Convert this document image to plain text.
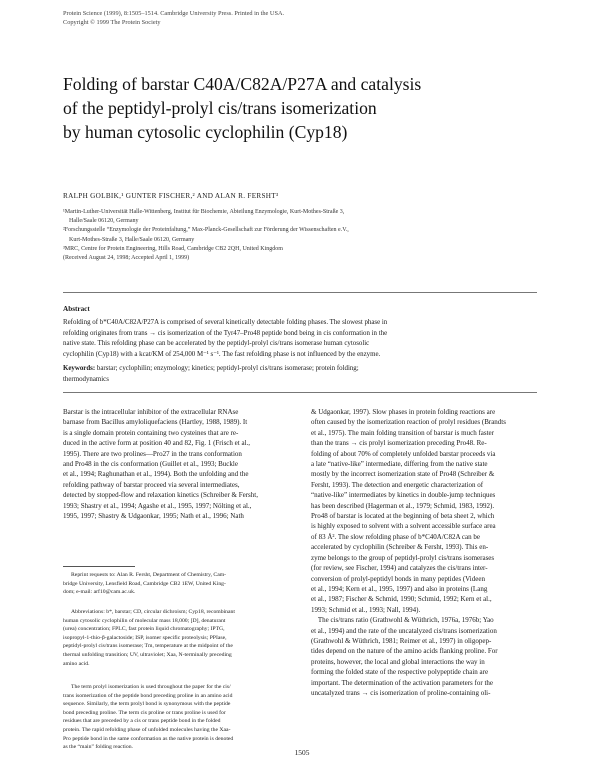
Protein Science (1999), 8:1505–1514. Cambridge University Press. Printed in the USA.
Copyright © 1999 The Protein Society
Folding of barstar C40A/C82A/P27A and catalysis
of the peptidyl-prolyl cis/trans isomerization
by human cytosolic cyclophilin (Cyp18)
RALPH GOLBIK,¹ GUNTER FISCHER,² AND ALAN R. FERSHT³
¹Martin-Luther-Universität Halle-Wittenberg, Institut für Biochemie, Abteilung Enzymologie, Kurt-Mothes-Straße 3,
Halle/Saale 06120, Germany
²Forschungsstelle “Enzymologie der Proteinfaltung,” Max-Planck-Gesellschaft zur Förderung der Wissenschaften e.V.,
Kurt-Mothes-Straße 3, Halle/Saale 06120, Germany
³MRC, Centre for Protein Engineering, Hills Road, Cambridge CB2 2QH, United Kingdom
(Received August 24, 1998; Accepted April 1, 1999)
Abstract
Refolding of b*C40A/C82A/P27A is comprised of several kinetically detectable folding phases. The slowest phase in
refolding originates from trans → cis isomerization of the Tyr47–Pro48 peptide bond being in cis conformation in the
native state. This refolding phase can be accelerated by the peptidyl-prolyl cis/trans isomerase human cytosolic
cyclophilin (Cyp18) with a kcat/KM of 254,000 M⁻¹ s⁻¹. The fast refolding phase is not influenced by the enzyme.
Keywords: barstar; cyclophilin; enzymology; kinetics; peptidyl-prolyl cis/trans isomerase; protein folding;
thermodynamics
Barstar is the intracellular inhibitor of the extracellular RNAse
barnase from Bacillus amyloliquefaciens (Hartley, 1988, 1989). It
is a single domain protein containing two cysteines that are re-
duced in the active form at position 40 and 82, Fig. 1 (Frisch et al.,
1995). There are two prolines—Pro27 in the trans conformation
and Pro48 in the cis conformation (Guillet et al., 1993; Buckle
et al., 1994; Raghunathan et al., 1994). Both the unfolding and the
refolding pathway of barstar proceed via several intermediates,
detected by stopped-flow and relaxation kinetics (Schreiber & Fersht,
1993; Shastry et al., 1994; Agashe et al., 1995, 1997; Nölting et al.,
1995, 1997; Shastry & Udgaonkar, 1995; Nath et al., 1996; Nath
& Udgaonkar, 1997). Slow phases in protein folding reactions are
often caused by the isomerization reaction of prolyl residues (Brandts
et al., 1975). The main folding transition of barstar is much faster
than the trans → cis prolyl isomerization preceding Pro48. Re-
folding of about 70% of completely unfolded barstar proceeds via
a late “native-like” intermediate, differing from the native state
mostly by the incorrect isomerization state of Pro48 (Schreiber &
Fersht, 1993). The detection and energetic characterization of
“native-like” intermediates by kinetics in double-jump techniques
has been described (Hagerman et al., 1979; Schmid, 1983, 1992).
Pro48 of barstar is located at the beginning of beta sheet 2, which
is highly exposed to solvent with a solvent accessible surface area
of 83 Å². The slow refolding phase of b*C40A/C82A can be
accelerated by cyclophilin (Schreiber & Fersht, 1993). This en-
zyme belongs to the group of peptidyl-prolyl cis/trans isomerases
(for review, see Fischer, 1994) and catalyzes the cis/trans inter-
conversion of prolyl-peptidyl bonds in many peptides (Videen
et al., 1994; Kern et al., 1995, 1997) and also in proteins (Lang
et al., 1987; Fischer & Schmid, 1990; Schmid, 1992; Kern et al.,
1993; Schmid et al., 1993; Nall, 1994).
The cis/trans ratio (Grathwohl & Wüthrich, 1976a, 1976b; Yao
et al., 1994) and the rate of the uncatalyzed cis/trans isomerization
(Grathwohl & Wüthrich, 1981; Reimer et al., 1997) in oligopep-
tides depend on the nature of the amino acids flanking proline. For
proteins, however, the local and global interactions the way in
forming the folded state of the respective polypeptide chain are
important. The determination of the activation parameters for the
uncatalyzed trans → cis isomerization of proline-containing oli-
Reprint requests to: Alan R. Fersht, Department of Chemistry, Cam-
bridge University, Lensfield Road, Cambridge CB2 1EW, United King-
dom; e-mail: arf10@cam.ac.uk.
Abbreviations: b*, barstar; CD, circular dichroism; Cyp18, recombinant
human cytosolic cyclophilin of molecular mass 18,000; [D], denaturant
(urea) concentration; FPLC, fast protein liquid chromatography; IPTG,
isopropyl-1-thio-β-galactoside; ISP, isomer specific proteolysis; PPIase,
peptidyl-prolyl cis/trans isomerase; Tm, temperature at the midpoint of the
thermal unfolding transition; UV, ultraviolet; Xaa, N-terminally preceding
amino acid.
The term prolyl isomerization is used throughout the paper for the cis/
trans isomerization of the peptide bond preceding proline in an amino acid
sequence. Similarly, the term prolyl bond is synonymous with the peptide
bond preceding proline. The term cis proline or trans proline is used for
residues that are preceded by a cis or trans peptide bond in the folded
protein. The rapid refolding phase of unfolded molecules having the Xaa-
Pro peptide bond in the same conformation as the native protein is denoted
as the “main” folding reaction.
1505
